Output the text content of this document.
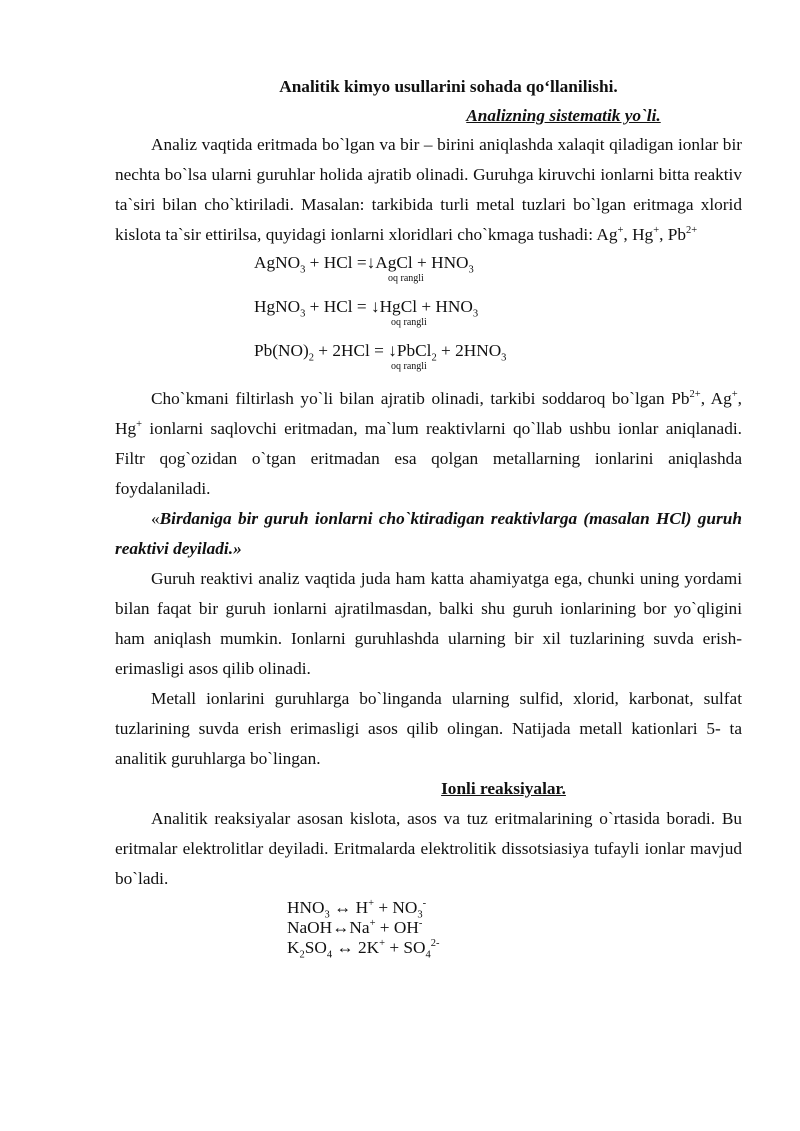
Analitik kimyo usullarini sohada qo‘llanilishi.
Analizning sistematik yo`li.

Analiz vaqtida eritmada bo`lgan va bir – birini aniqlashda xalaqit qiladigan ionlar bir nechta bo`lsa ularni guruhlar holida ajratib olinadi. Guruhga kiruvchi ionlarni bitta reaktiv ta`siri bilan cho`ktiriladi. Masalan: tarkibida turli metal tuzlari bo`lgan eritmaga xlorid kislota ta`sir ettirilsa, quyidagi ionlarni xloridlari cho`kmaga tushadi: Ag+, Hg+, $Pb^{2+}$

AgNO$_3$ + HCl =↓AgCl + $HNO_3$
oq rangli
HgNO$_3$ + HCl = ↓HgCl + $HNO_3$
oq rangli
$Pb(NO)_2 + 2HCl$ = ↓PbCl$_2$ + $2HNO_3$
oq rangli

Cho`kmani filtirlash yo`li bilan ajratib olinadi, tarkibi soddaroq bo`lgan $Pb^{2+}$, Ag+, Hg+ ionlarni saqlovchi eritmadan, ma`lum reaktivlarni qo`llab ushbu ionlar aniqlanadi. Filtr qog`ozidan o`tgan eritmadan esa qolgan metallarning ionlarini aniqlashda foydalaniladi.

«Birdaniga bir guruh ionlarni cho`ktiradigan reaktivlarga (masalan HCl) guruh reaktivi deyiladi.»

Guruh reaktivi analiz vaqtida juda ham katta ahamiyatga ega, chunki uning yordami bilan faqat bir guruh ionlarni ajratilmasdan, balki shu guruh ionlarining bor yo`qligini ham aniqlash mumkin. Ionlarni guruhlashda ularning bir xil tuzlarining suvda erish-erimasligi asos qilib olinadi.

Metall ionlarini guruhlarga bo`linganda ularning sulfid, xlorid, karbonat, sulfat tuzlarining suvda erish erimasligi asos qilib olingan. Natijada metall kationlari 5- ta analitik guruhlarga bo`lingan.

Ionli reaksiyalar.

Analitik reaksiyalar asosan kislota, asos va tuz eritmalarining o`rtasida boradi. Bu eritmalar elektrolitlar deyiladi. Eritmalarda elektrolitik dissotsiasiya tufayli ionlar mavjud bo`ladi.

$HNO_3$ ↔ $H^+ + NO_3^-$
NaOH↔Na+ + OH-
$K_2SO_4$ ↔ $2K^+ + SO_4^{2-}$
